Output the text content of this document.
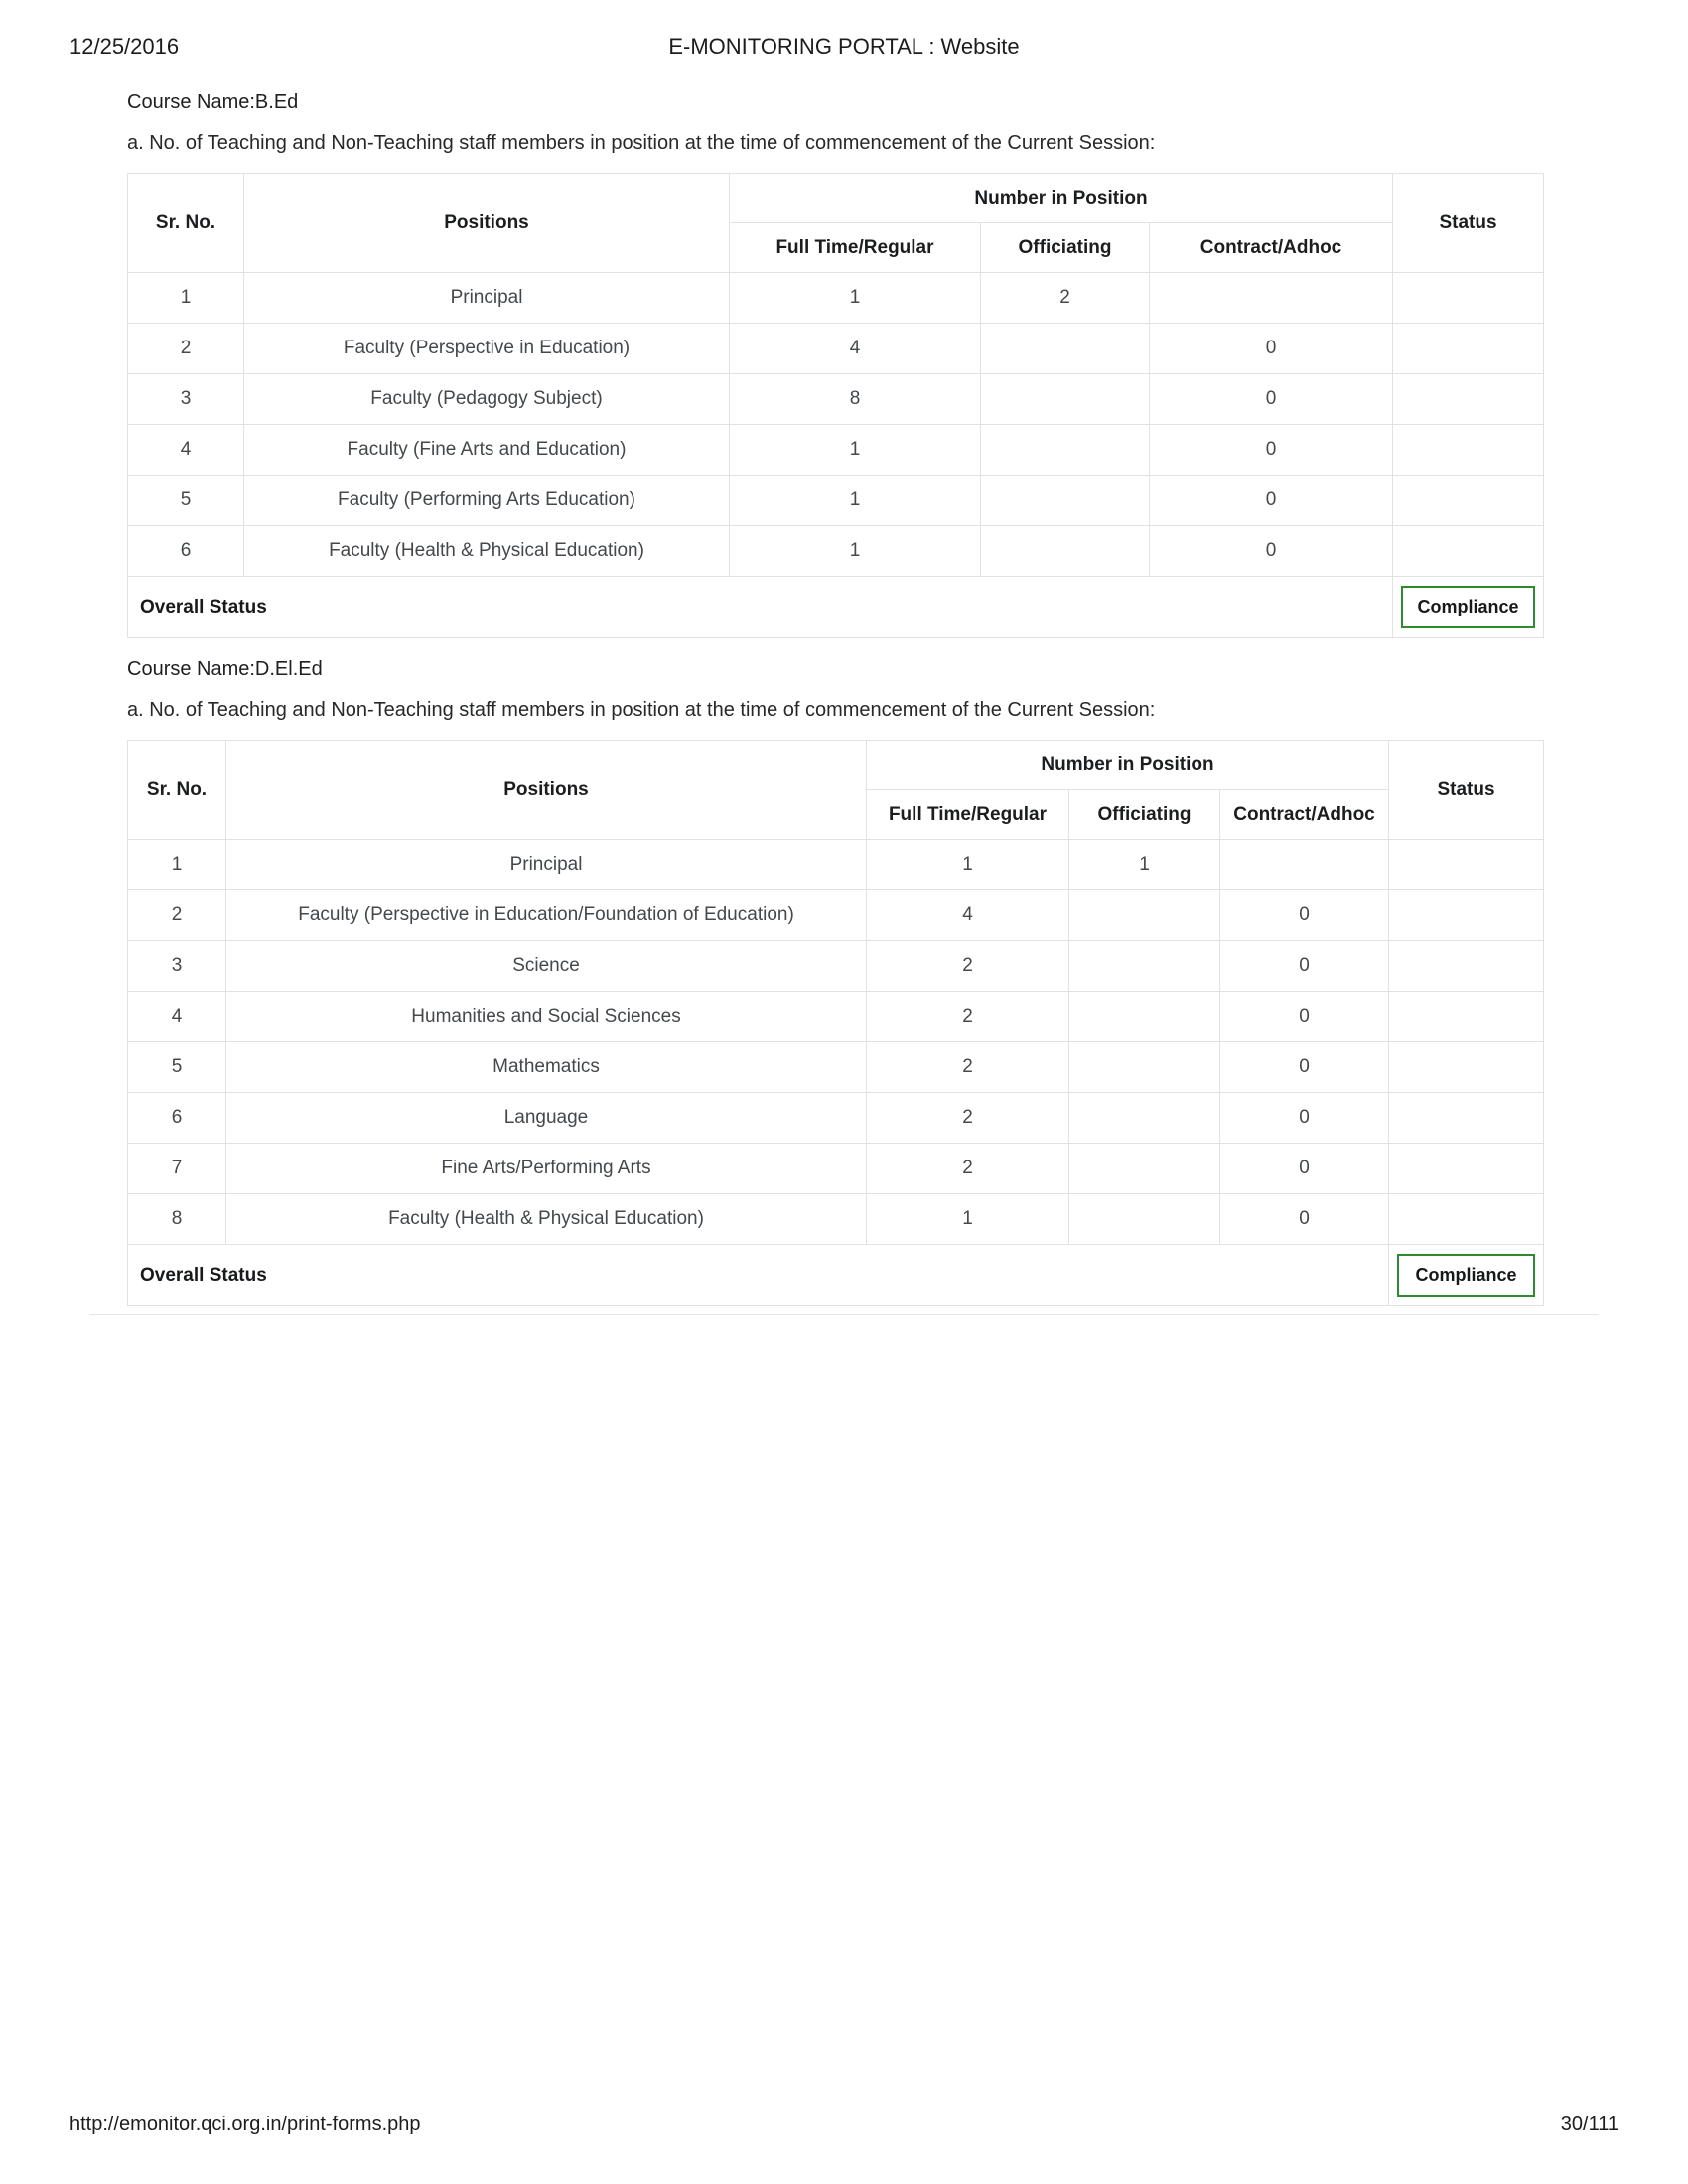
12/25/2016	E-MONITORING PORTAL : Website
Course Name:B.Ed
a. No. of Teaching and Non-Teaching staff members in position at the time of commencement of the Current Session:
Sr. No.	Positions	Number in Position			Status
		Full Time/Regular	Officiating	Contract/Adhoc	
1	Principal	1	2		
2	Faculty (Perspective in Education)	4		0	
3	Faculty (Pedagogy Subject)	8		0	
4	Faculty (Fine Arts and Education)	1		0	
5	Faculty (Performing Arts Education)	1		0	
6	Faculty (Health & Physical Education)	1		0	
Overall Status					Compliance
Course Name:D.El.Ed
a. No. of Teaching and Non-Teaching staff members in position at the time of commencement of the Current Session:
Sr. No.	Positions	Number in Position			Status
		Full Time/Regular	Officiating	Contract/Adhoc	
1	Principal	1	1		
2	Faculty (Perspective in Education/Foundation of Education)	4		0	
3	Science	2		0	
4	Humanities and Social Sciences	2		0	
5	Mathematics	2		0	
6	Language	2		0	
7	Fine Arts/Performing Arts	2		0	
8	Faculty (Health & Physical Education)	1		0	
Overall Status					Compliance
http://emonitor.qci.org.in/print-forms.php	30/111
